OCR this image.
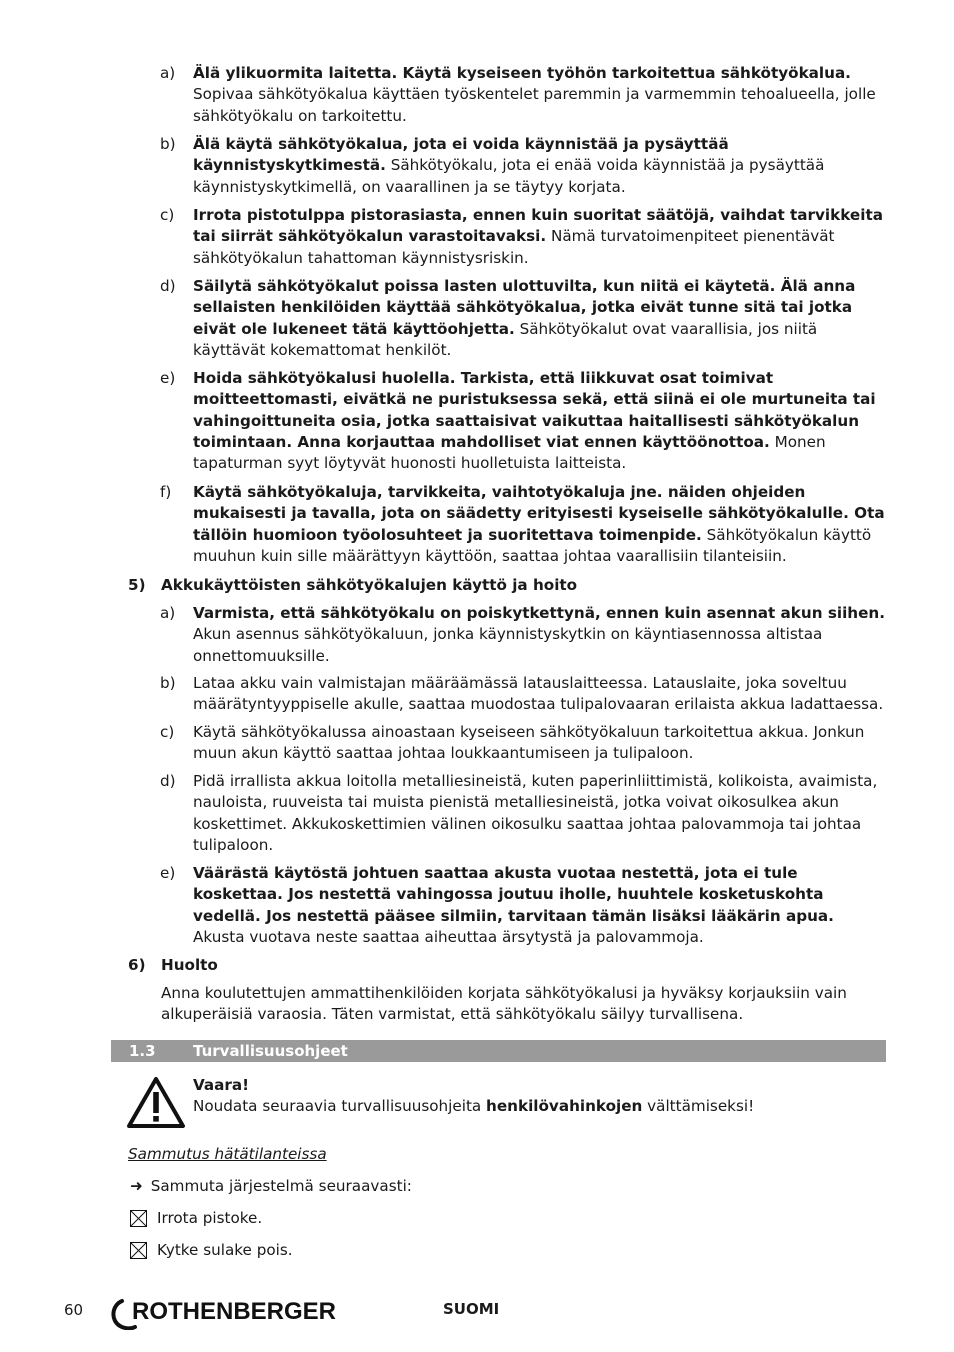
a) Älä ylikuormita laitetta. Käytä kyseiseen työhön tarkoitettua sähkötyökalua. Sopivaa sähkötyökalua käyttäen työskentelet paremmin ja varmemmin tehoalueella, jolle sähkötyökalu on tarkoitettu.
b) Älä käytä sähkötyökalua, jota ei voida käynnistää ja pysäyttää käynnistyskytkimestä. Sähkötyökalu, jota ei enää voida käynnistää ja pysäyttää käynnistyskytkimellä, on vaarallinen ja se täytyy korjata.
c) Irrota pistotulppa pistorasiasta, ennen kuin suoritat säätöjä, vaihdat tarvikkeita tai siirrät sähkötyökalun varastoitavaksi. Nämä turvatoimenpiteet pienentävät sähkötyökalun tahattoman käynnistysriskin.
d) Säilytä sähkötyökalut poissa lasten ulottuvilta, kun niitä ei käytetä. Älä anna sellaisten henkilöiden käyttää sähkötyökalua, jotka eivät tunne sitä tai jotka eivät ole lukeneet tätä käyttöohjetta. Sähkötyökalut ovat vaarallisia, jos niitä käyttävät kokemattomat henkilöt.
e) Hoida sähkötyökalusi huolella. Tarkista, että liikkuvat osat toimivat moitteettomasti, eivätkä ne puristuksessa sekä, että siinä ei ole murtuneita tai vahingoittuneita osia, jotka saattaisivat vaikuttaa haitallisesti sähkötyökalun toimintaan. Anna korjauttaa mahdolliset viat ennen käyttöönottoa. Monen tapaturman syyt löytyvät huonosti huolletuista laitteista.
f) Käytä sähkötyökaluja, tarvikkeita, vaihtotyökaluja jne. näiden ohjeiden mukaisesti ja tavalla, jota on säädetty erityisesti kyseiselle sähkötyökalulle. Ota tällöin huomioon työolosuhteet ja suoritettava toimenpide. Sähkötyökalun käyttö muuhun kuin sille määrättyyn käyttöön, saattaa johtaa vaarallisiin tilanteisiin.
5) Akkukäyttöisten sähkötyökalujen käyttö ja hoito
a) Varmista, että sähkötyökalu on poiskytkettynä, ennen kuin asennat akun siihen. Akun asennus sähkötyökaluun, jonka käynnistyskytkin on käyntiasennossa altistaa onnettomuuksille.
b) Lataa akku vain valmistajan määräämässä latauslaitteessa. Latauslaite, joka soveltuu määrätyntyyppiselle akulle, saattaa muodostaa tulipalovaaran erilaista akkua ladattaessa.
c) Käytä sähkötyökalussa ainoastaan kyseiseen sähkötyökaluun tarkoitettua akkua. Jonkun muun akun käyttö saattaa johtaa loukkaantumiseen ja tulipaloon.
d) Pidä irrallista akkua loitolla metalliesineistä, kuten paperinliittimistä, kolikoista, avaimista, nauloista, ruuveista tai muista pienistä metalliesineistä, jotka voivat oikosulkea akun koskettimet. Akkukoskettimien välinen oikosulku saattaa johtaa palovammoja tai johtaa tulipaloon.
e) Väärästä käytöstä johtuen saattaa akusta vuotaa nestettä, jota ei tule koskettaa. Jos nestettä vahingossa joutuu iholle, huuhtele kosketuskohta vedellä. Jos nestettä pääsee silmiin, tarvitaan tämän lisäksi lääkärin apua. Akusta vuotava neste saattaa aiheuttaa ärsytystä ja palovammoja.
6) Huolto
Anna koulutettujen ammattihenkilöiden korjata sähkötyökalusi ja hyväksy korjauksiin vain alkuperäisiä varaosia. Täten varmistat, että sähkötyökalu säilyy turvallisena.
1.3 Turvallisuusohjeet
Vaara!
Noudata seuraavia turvallisuusohjeita henkilövahinkojen välttämiseksi!
Sammutus hätätilanteissa
➜ Sammuta järjestelmä seuraavasti:
Irrota pistoke.
Kytke sulake pois.
60 ROTHENBERGER	SUOMI
